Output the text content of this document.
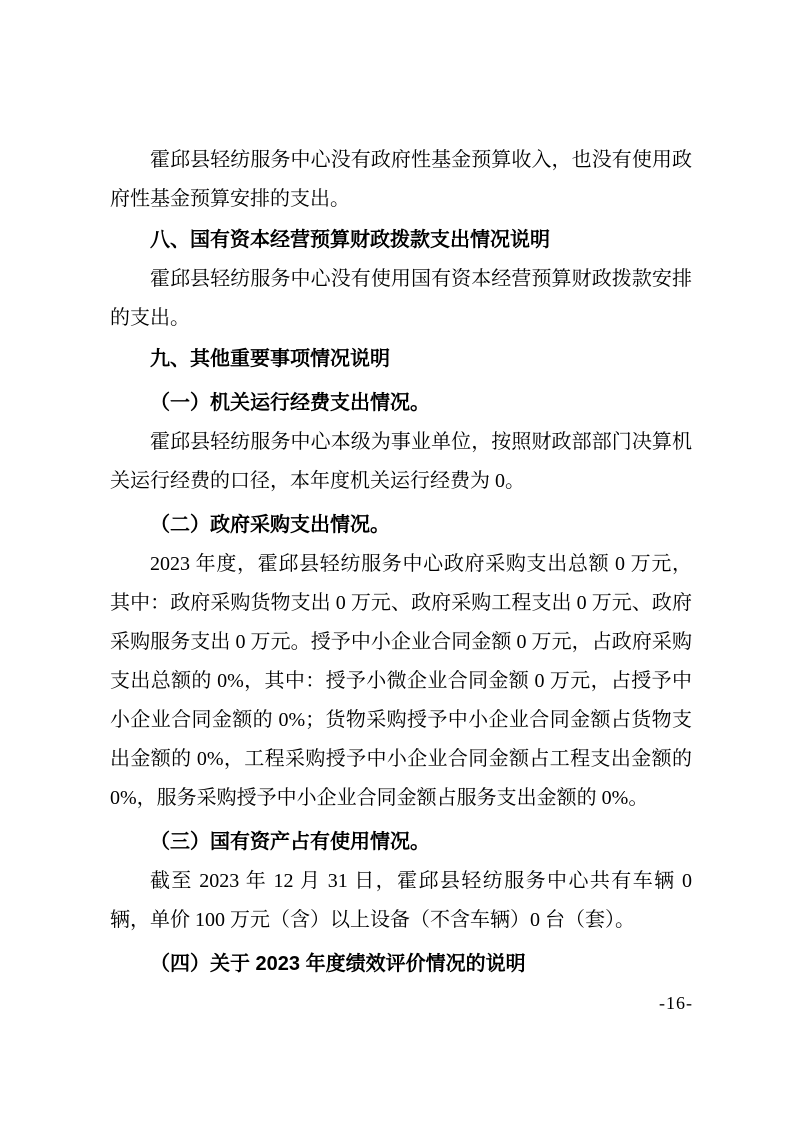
霍邱县轻纺服务中心没有政府性基金预算收入，也没有使用政府性基金预算安排的支出。

八、国有资本经营预算财政拨款支出情况说明

霍邱县轻纺服务中心没有使用国有资本经营预算财政拨款安排的支出。

九、其他重要事项情况说明

（一）机关运行经费支出情况。

霍邱县轻纺服务中心本级为事业单位，按照财政部部门决算机关运行经费的口径，本年度机关运行经费为 0。

（二）政府采购支出情况。

2023 年度，霍邱县轻纺服务中心政府采购支出总额 0 万元，其中：政府采购货物支出 0 万元、政府采购工程支出 0 万元、政府采购服务支出 0 万元。授予中小企业合同金额 0 万元，占政府采购支出总额的 0%，其中：授予小微企业合同金额 0 万元，占授予中小企业合同金额的 0%；货物采购授予中小企业合同金额占货物支出金额的 0%，工程采购授予中小企业合同金额占工程支出金额的 0%，服务采购授予中小企业合同金额占服务支出金额的 0%。

（三）国有资产占有使用情况。

截至 2023 年 12 月 31 日，霍邱县轻纺服务中心共有车辆 0 辆，单价 100 万元（含）以上设备（不含车辆）0 台（套）。

（四）关于 2023 年度绩效评价情况的说明

-16-
